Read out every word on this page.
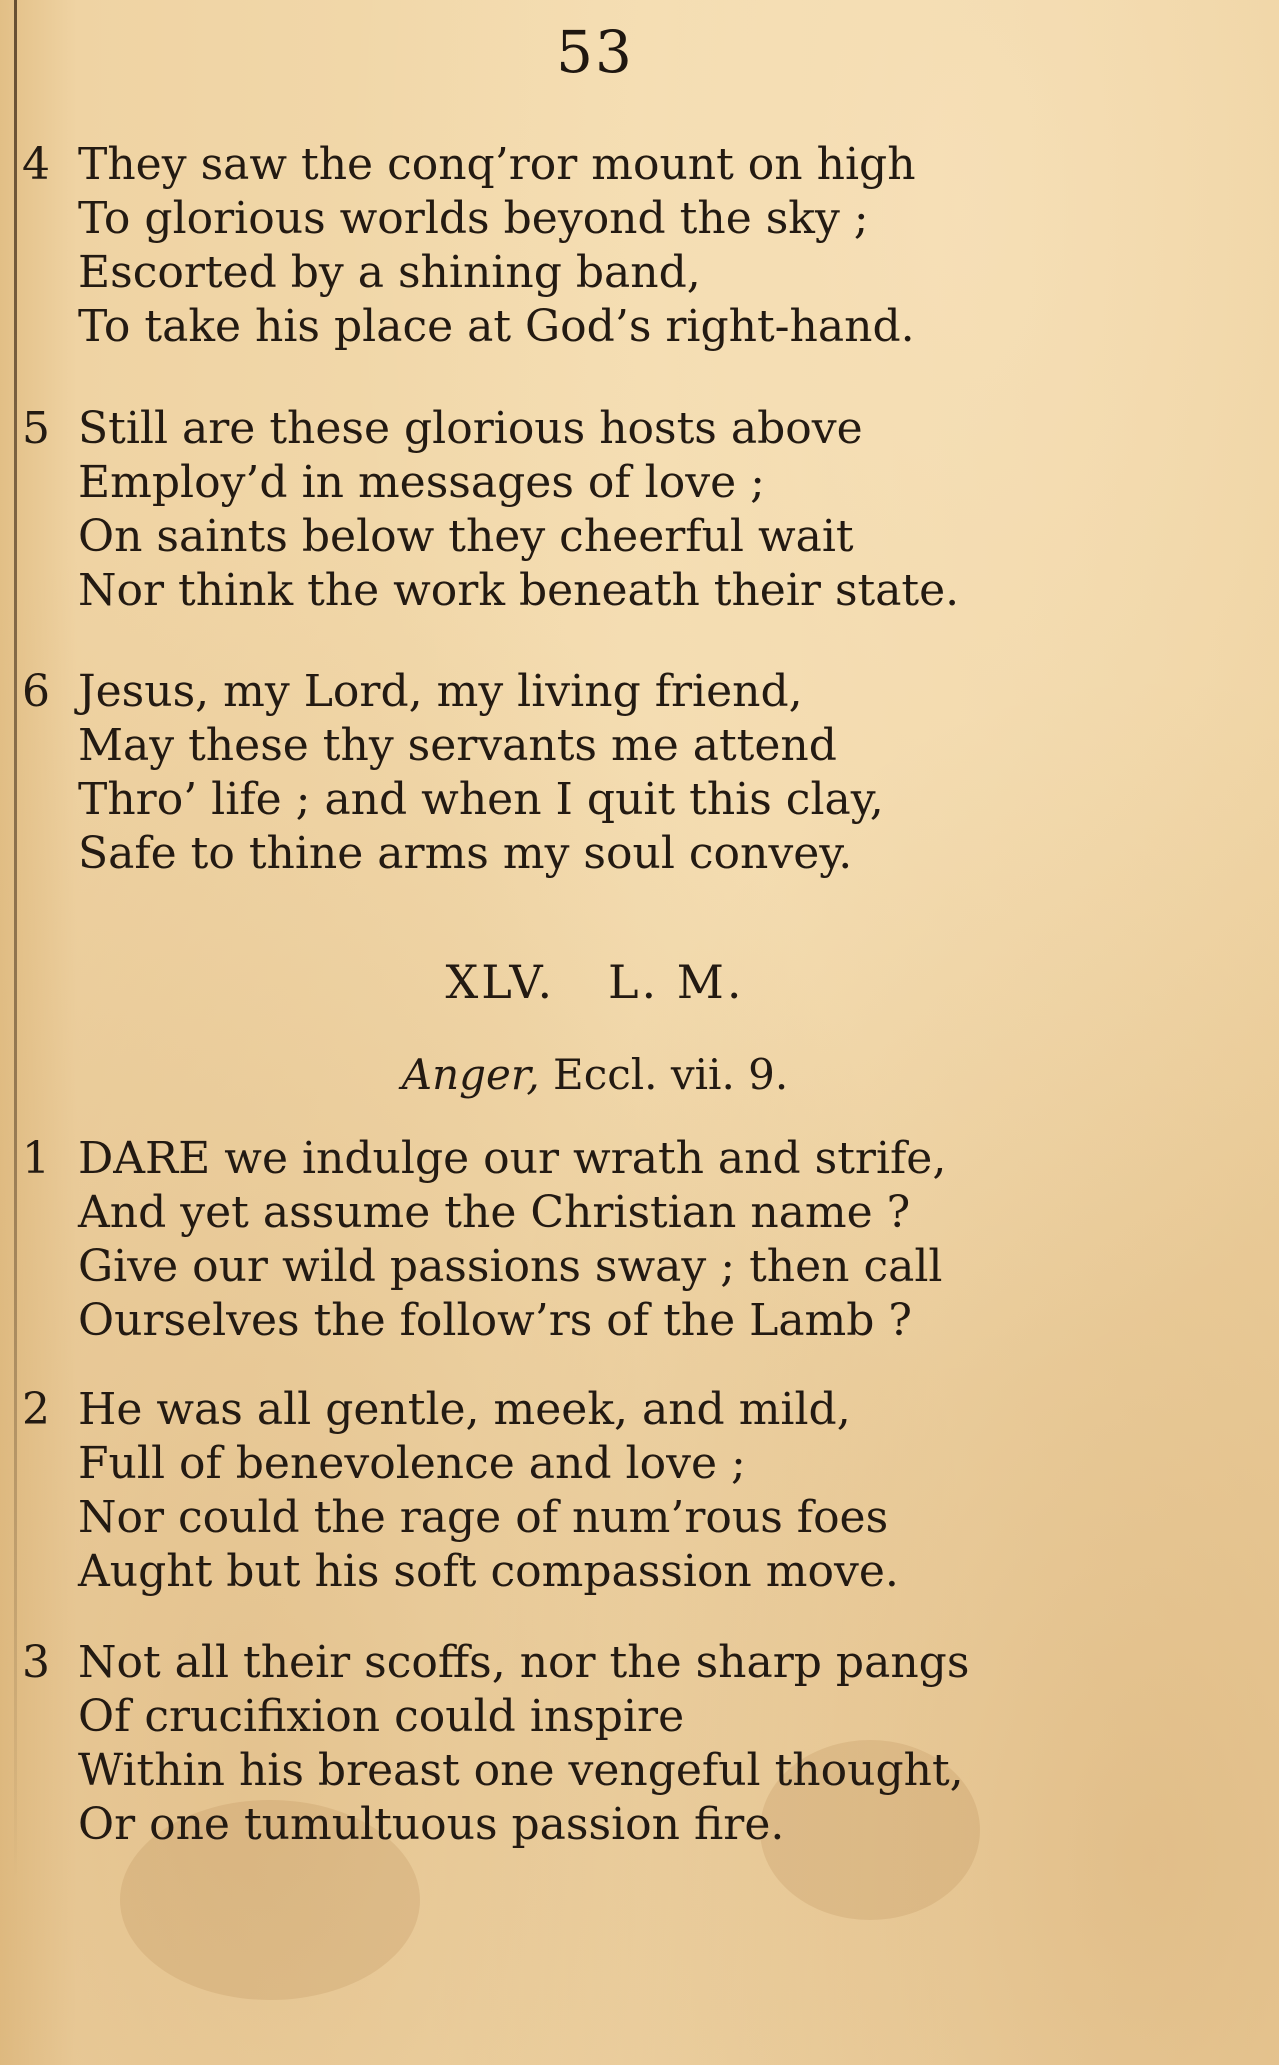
53
4 They saw the conq’ror mount on high
To glorious worlds beyond the sky ;
Escorted by a shining band,
To take his place at God’s right-hand.
5 Still are these glorious hosts above
Employ’d in messages of love ;
On saints below they cheerful wait
Nor think the work beneath their state.
6 Jesus, my Lord, my living friend,
May these thy servants me attend
Thro’ life ; and when I quit this clay,
Safe to thine arms my soul convey.
XLV.   L. M.
Anger, Eccl. vii. 9.
1 DARE we indulge our wrath and strife,
And yet assume the Christian name ?
Give our wild passions sway ; then call
Ourselves the follow’rs of the Lamb ?
2 He was all gentle, meek, and mild,
Full of benevolence and love ;
Nor could the rage of num’rous foes
Aught but his soft compassion move.
3 Not all their scoffs, nor the sharp pangs
Of crucifixion could inspire
Within his breast one vengeful thought,
Or one tumultuous passion fire.
